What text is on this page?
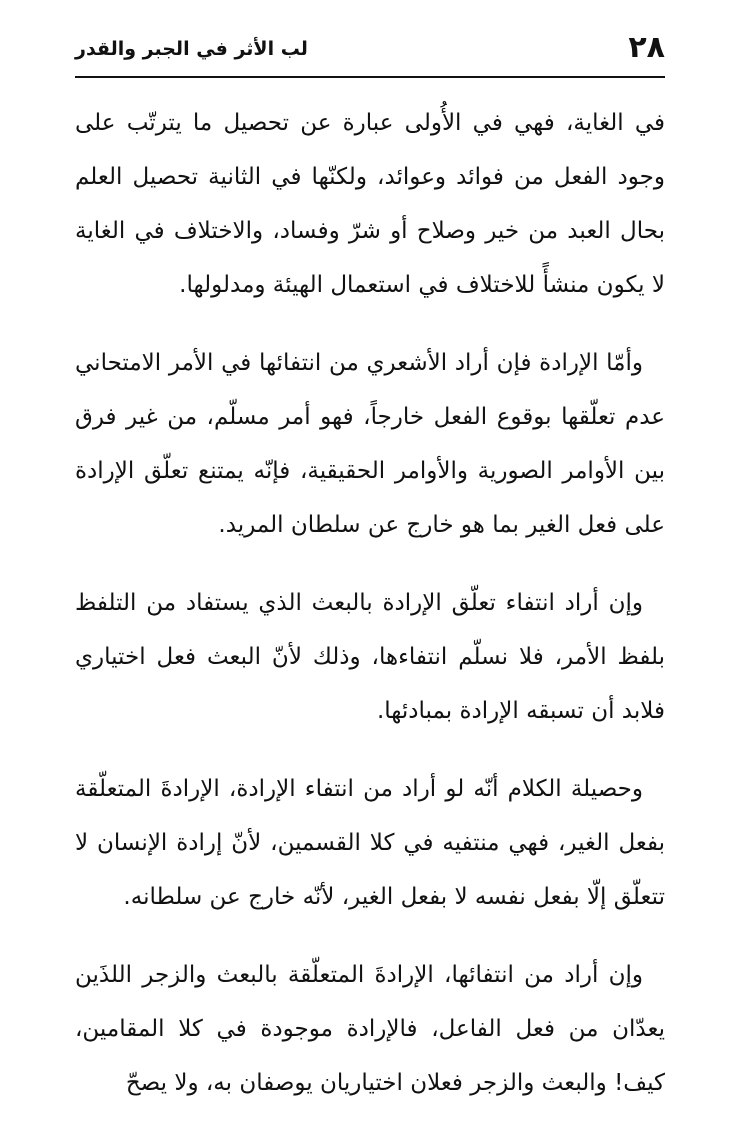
٢٨
لب الأثر في الجبر والقدر

في الغاية، فهي في الأُولى عبارة عن تحصيل ما يترتّب على وجود الفعل من فوائد وعوائد، ولكنّها في الثانية تحصيل العلم بحال العبد من خير وصلاح أو شرّ وفساد، والاختلاف في الغاية لا يكون منشأً للاختلاف في استعمال الهيئة ومدلولها.

وأمّا الإرادة فإن أراد الأشعري من انتفائها في الأمر الامتحاني عدم تعلّقها بوقوع الفعل خارجاً، فهو أمر مسلّم، من غير فرق بين الأوامر الصورية والأوامر الحقيقية، فإنّه يمتنع تعلّق الإرادة على فعل الغير بما هو خارج عن سلطان المريد.

وإن أراد انتفاء تعلّق الإرادة بالبعث الذي يستفاد من التلفظ بلفظ الأمر، فلا نسلّم انتفاءها، وذلك لأنّ البعث فعل اختياري فلابد أن تسبقه الإرادة بمبادئها.

وحصيلة الكلام أنّه لو أراد من انتفاء الإرادة، الإرادةَ المتعلّقة بفعل الغير، فهي منتفيه في كلا القسمين، لأنّ إرادة الإنسان لا تتعلّق إلّا بفعل نفسه لا بفعل الغير، لأنّه خارج عن سلطانه.

وإن أراد من انتفائها، الإرادةَ المتعلّقة بالبعث والزجر اللذَين يعدّان من فعل الفاعل، فالإرادة موجودة في كلا المقامين، كيف! والبعث والزجر فعلان اختياريان يوصفان به، ولا يصحّ
